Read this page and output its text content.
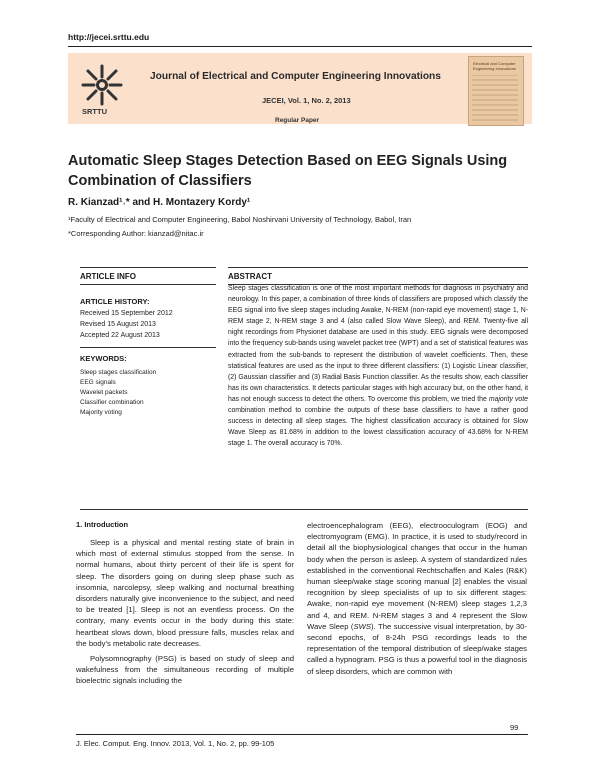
http://jecei.srttu.edu
SRTTU
Journal of Electrical and Computer Engineering Innovations
JECEI, Vol. 1, No. 2, 2013
Regular Paper
Electrical and Computer Engineering Innovations
Automatic Sleep Stages Detection Based on EEG Signals Using
Combination of Classifiers
R. Kianzad¹˒* and H. Montazery Kordy¹
¹Faculty of Electrical and Computer Engineering, Babol Noshirvani University of Technology, Babol, Iran
*Corresponding Author: kianzad@nitac.ir
ARTICLE INFO	ABSTRACT
ARTICLE HISTORY:
Received 15 September 2012
Revised 15 August 2013
Accepted 22 August 2013
KEYWORDS:
Sleep stages classification
EEG signals
Wavelet packets
Classifier combination
Majority voting
Sleep stages classification is one of the most important methods for diagnosis in psychiatry and neurology. In this paper, a combination of three kinds of classifiers are proposed which classify the EEG signal into five sleep stages including Awake, N-REM (non-rapid eye movement) stage 1, N-REM stage 2, N-REM stage 3 and 4 (also called Slow Wave Sleep), and REM. Twenty-five all night recordings from Physionet database are used in this study. EEG signals were decomposed into the frequency sub-bands using wavelet packet tree (WPT) and a set of statistical features was extracted from the sub-bands to represent the distribution of wavelet coefficients. Then, these statistical features are used as the input to three different classifiers: (1) Logistic Linear classifier, (2) Gaussian classifier and (3) Radial Basis Function classifier. As the results show, each classifier has its own characteristics. It detects particular stages with high accuracy but, on the other hand, it has not enough success to detect the others. To overcome this problem, we tried the majority vote combination method to combine the outputs of these base classifiers to have a rather good success in detecting all sleep stages. The highest classification accuracy is obtained for Slow Wave Sleep as 81.68% in addition to the lowest classification accuracy of 43.68% for N-REM stage 1. The overall accuracy is 70%.
1. Introduction

Sleep is a physical and mental resting state of brain in which most of external stimulus stopped from the sense. In normal humans, about thirty percent of their life is spent for sleep. The disorders going on during sleep phase such as insomnia, narcolepsy, sleep walking and nocturnal breathing disorders naturally give inconvenience to the subject, and need to be treated [1]. Sleep is not an eventless process. On the contrary, many events occur in the body during this state: heartbeat slows down, blood pressure falls, muscles relax and the body's metabolic rate decreases.

Polysomnography (PSG) is based on study of sleep and wakefulness from the simultaneous recording of multiple bioelectric signals including the

electroencephalogram (EEG), electrooculogram (EOG) and electromyogram (EMG). In practice, it is used to study/record in detail all the biophysiological changes that occur in the human body when the person is asleep. A system of standardized rules established in the conventional Rechtschaffen and Kales (R&K) human sleep/wake stage scoring manual [2] enables the visual recognition by sleep specialists of up to six different stages: Awake, non-rapid eye movement (N-REM) sleep stages 1,2,3 and 4, and REM. N-REM stages 3 and 4 represent the Slow Wave Sleep (SWS). The successive visual interpretation, by 30-second epochs, of 8-24h PSG recordings leads to the representation of the temporal distribution of sleep/wake stages called a hypnogram. PSG is thus a powerful tool in the diagnosis of sleep disorders, which are common with
99
J. Elec. Comput. Eng. Innov. 2013, Vol. 1, No. 2, pp. 99-105
